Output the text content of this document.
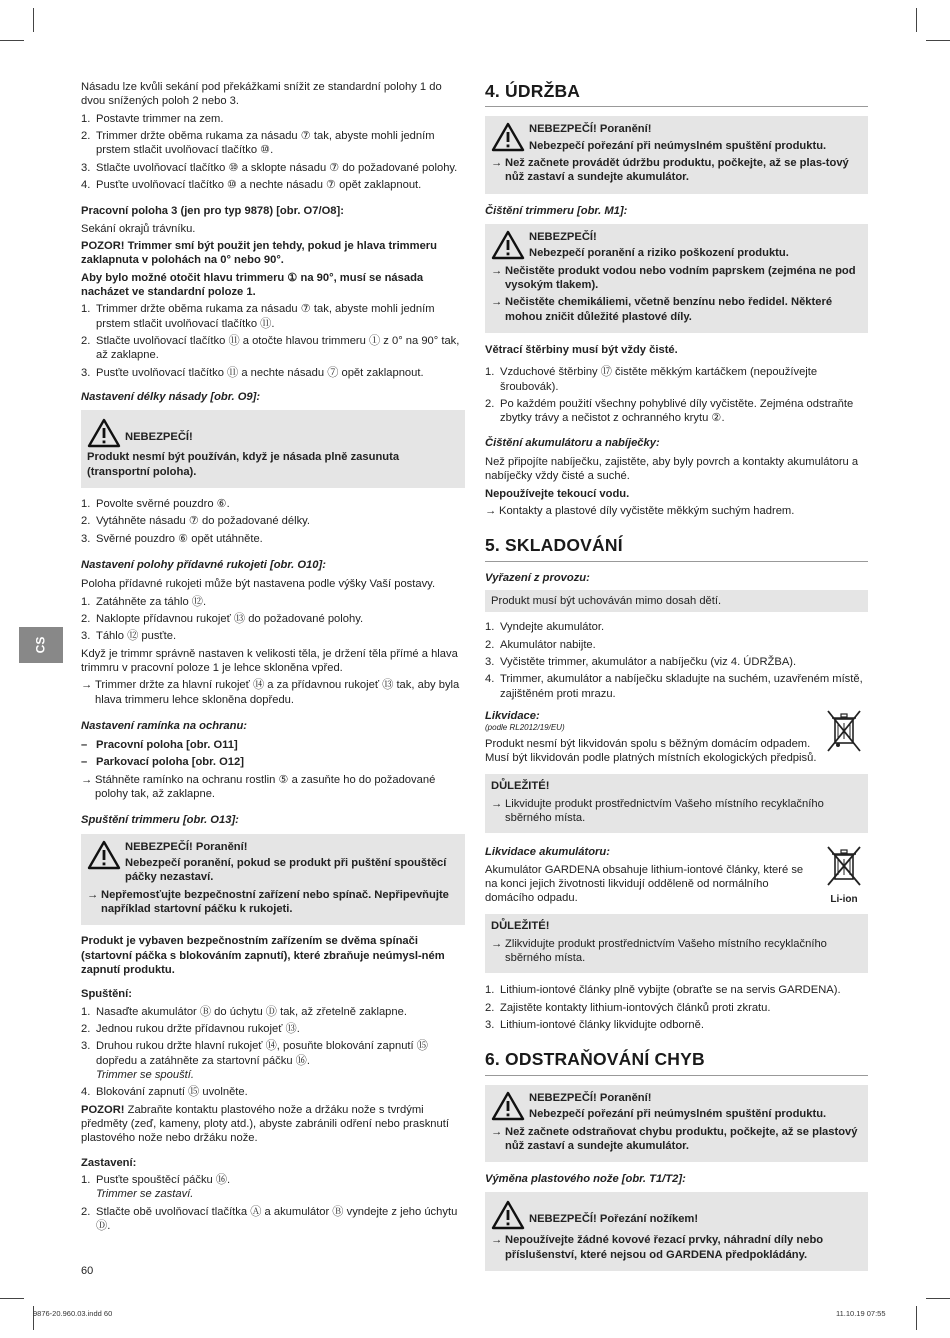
CS

Násadu lze kvůli sekání pod překážkami snížit ze standardní polohy 1 do dvou snížených poloh 2 nebo 3.

1. Postavte trimmer na zem.
2. Trimmer držte oběma rukama za násadu ⑦ tak, abyste mohli jedním prstem stlačit uvolňovací tlačítko ⑩.
3. Stlačte uvolňovací tlačítko ⑩ a sklopte násadu ⑦ do požadované polohy.
4. Pusťte uvolňovací tlačítko ⑩ a nechte násadu ⑦ opět zaklapnout.

Pracovní poloha 3 (jen pro typ 9878) [obr. O7/O8]:

Sekání okrajů trávníku.

POZOR! Trimmer smí být použit jen tehdy, pokud je hlava trimmeru zaklapnuta v polohách na 0° nebo 90°.

Aby bylo možné otočit hlavu trimmeru ① na 90°, musí se násada nacházet ve standardní poloze 1.

1. Trimmer držte oběma rukama za násadu ⑦ tak, abyste mohli jedním prstem stlačit uvolňovací tlačítko ⑪.
2. Stlačte uvolňovací tlačítko ⑪ a otočte hlavou trimmeru ① z 0° na 90° tak, až zaklapne.
3. Pusťte uvolňovací tlačítko ⑪ a nechte násadu ⑦ opět zaklapnout.

Nastavení délky násady [obr. O9]:

NEBEZPEČÍ!

Produkt nesmí být používán, když je násada plně zasunuta (transportní poloha).

1. Povolte svěrné pouzdro ⑥.
2. Vytáhněte násadu ⑦ do požadované délky.
3. Svěrné pouzdro ⑥ opět utáhněte.

Nastavení polohy přídavné rukojeti [obr. O10]:

Poloha přídavné rukojeti může být nastavena podle výšky Vaší postavy.

1. Zatáhněte za táhlo ⑫.
2. Naklopte přídavnou rukojeť ⑬ do požadované polohy.
3. Táhlo ⑫ pusťte.

Když je trimmr správně nastaven k velikosti těla, je držení těla přímé a hlava trimmru v pracovní poloze 1 je lehce skloněna vpřed.

→ Trimmer držte za hlavní rukojeť ⑭ a za přídavnou rukojeť ⑬ tak, aby byla hlava trimmeru lehce skloněna dopředu.

Nastavení ramínka na ochranu:

– Pracovní poloha [obr. O11]
– Parkovací poloha [obr. O12]
→ Stáhněte ramínko na ochranu rostlin ⑤ a zasuňte ho do požadované polohy tak, až zaklapne.

Spuštění trimmeru [obr. O13]:

NEBEZPEČÍ! Poranění!
Nebezpečí poranění, pokud se produkt při puštění spouštěcí páčky nezastaví.
→ Nepřemosťujte bezpečnostní zařízení nebo spínač. Nepřipevňujte například startovní páčku k rukojeti.

Produkt je vybaven bezpečnostním zařízením se dvěma spínači (startovní páčka s blokováním zapnutí), které zbraňuje neúmysl-ném zapnutí produktu.

Spuštění:

1. Nasaďte akumulátor Ⓑ do úchytu Ⓓ tak, až zřetelně zaklapne.
2. Jednou rukou držte přídavnou rukojeť ⑬.
3. Druhou rukou držte hlavní rukojeť ⑭, posuňte blokování zapnutí ⑮ dopředu a zatáhněte za startovní páčku ⑯.
Trimmer se spouští.
4. Blokování zapnutí ⑮ uvolněte.

POZOR! Zabraňte kontaktu plastového nože a držáku nože s tvrdými předměty (zeď, kameny, ploty atd.), abyste zabránili odření nebo prasknutí plastového nože nebo držáku nože.

Zastavení:

1. Pusťte spouštěcí páčku ⑯.
Trimmer se zastaví.
2. Stlačte obě uvolňovací tlačítka Ⓐ a akumulátor Ⓑ vyndejte z jeho úchytu Ⓓ.
4. ÚDRŽBA
NEBEZPEČÍ! Poranění!
Nebezpečí pořezání při neúmyslném spuštění produktu.
→ Než začnete provádět údržbu produktu, počkejte, až se plas-tový nůž zastaví a sundejte akumulátor.

Čištění trimmeru [obr. M1]:

NEBEZPEČÍ!
Nebezpečí poranění a riziko poškození produktu.
→ Nečistěte produkt vodou nebo vodním paprskem (zejména ne pod vysokým tlakem).
→ Nečistěte chemikáliemi, včetně benzínu nebo ředidel. Některé mohou zničit důležité plastové díly.

Větrací štěrbiny musí být vždy čisté.

1. Vzduchové štěrbiny ⑰ čistěte měkkým kartáčkem (nepoužívejte šroubovák).
2. Po každém použití všechny pohyblivé díly vyčistěte. Zejména odstraňte zbytky trávy a nečistot z ochranného krytu ②.

Čištění akumulátoru a nabíječky:

Než připojíte nabíječku, zajistěte, aby byly povrch a kontakty akumulátoru a nabíječky vždy čisté a suché.

Nepoužívejte tekoucí vodu.

→ Kontakty a plastové díly vyčistěte měkkým suchým hadrem.
5. SKLADOVÁNÍ

Vyřazení z provozu:

Produkt musí být uchováván mimo dosah dětí.
1. Vyndejte akumulátor.
2. Akumulátor nabijte.
3. Vyčistěte trimmer, akumulátor a nabíječku (viz 4. ÚDRŽBA).
4. Trimmer, akumulátor a nabíječku skladujte na suchém, uzavřeném místě, zajištěném proti mrazu.

Likvidace:

(podle RL2012/19/EU)

Produkt nesmí být likvidován spolu s běžným domácím odpadem. Musí být likvidován podle platných místních ekologických předpisů.

DŮLEŽITÉ!

→ Likvidujte produkt prostřednictvím Vašeho místního recyklačního sběrného místa.

Likvidace akumulátoru:

Akumulátor GARDENA obsahuje lithium-iontové články, které se na konci jejich životnosti likvidují odděleně od normálního domácího odpadu.	Li-ion

DŮLEŽITÉ!

→ Zlikvidujte produkt prostřednictvím Vašeho místního recyklačního sběrného místa.
1. Lithium-iontové články plně vybijte (obraťte se na servis GARDENA).
2. Zajistěte kontakty lithium-iontových článků proti zkratu.
3. Lithium-iontové články likvidujte odborně.
6. ODSTRAŇOVÁNÍ CHYB
NEBEZPEČÍ! Poranění!
Nebezpečí pořezání při neúmyslném spuštění produktu.
→ Než začnete odstraňovat chybu produktu, počkejte, až se plastový nůž zastaví a sundejte akumulátor.

Výměna plastového nože [obr. T1/T2]:

NEBEZPEČÍ! Pořezání nožíkem!
→ Nepoužívejte žádné kovové řezací prvky, náhradní díly nebo příslušenství, které nejsou od GARDENA předpokládány.
60
9876-20.960.03.indd 60	11.10.19 07:55
